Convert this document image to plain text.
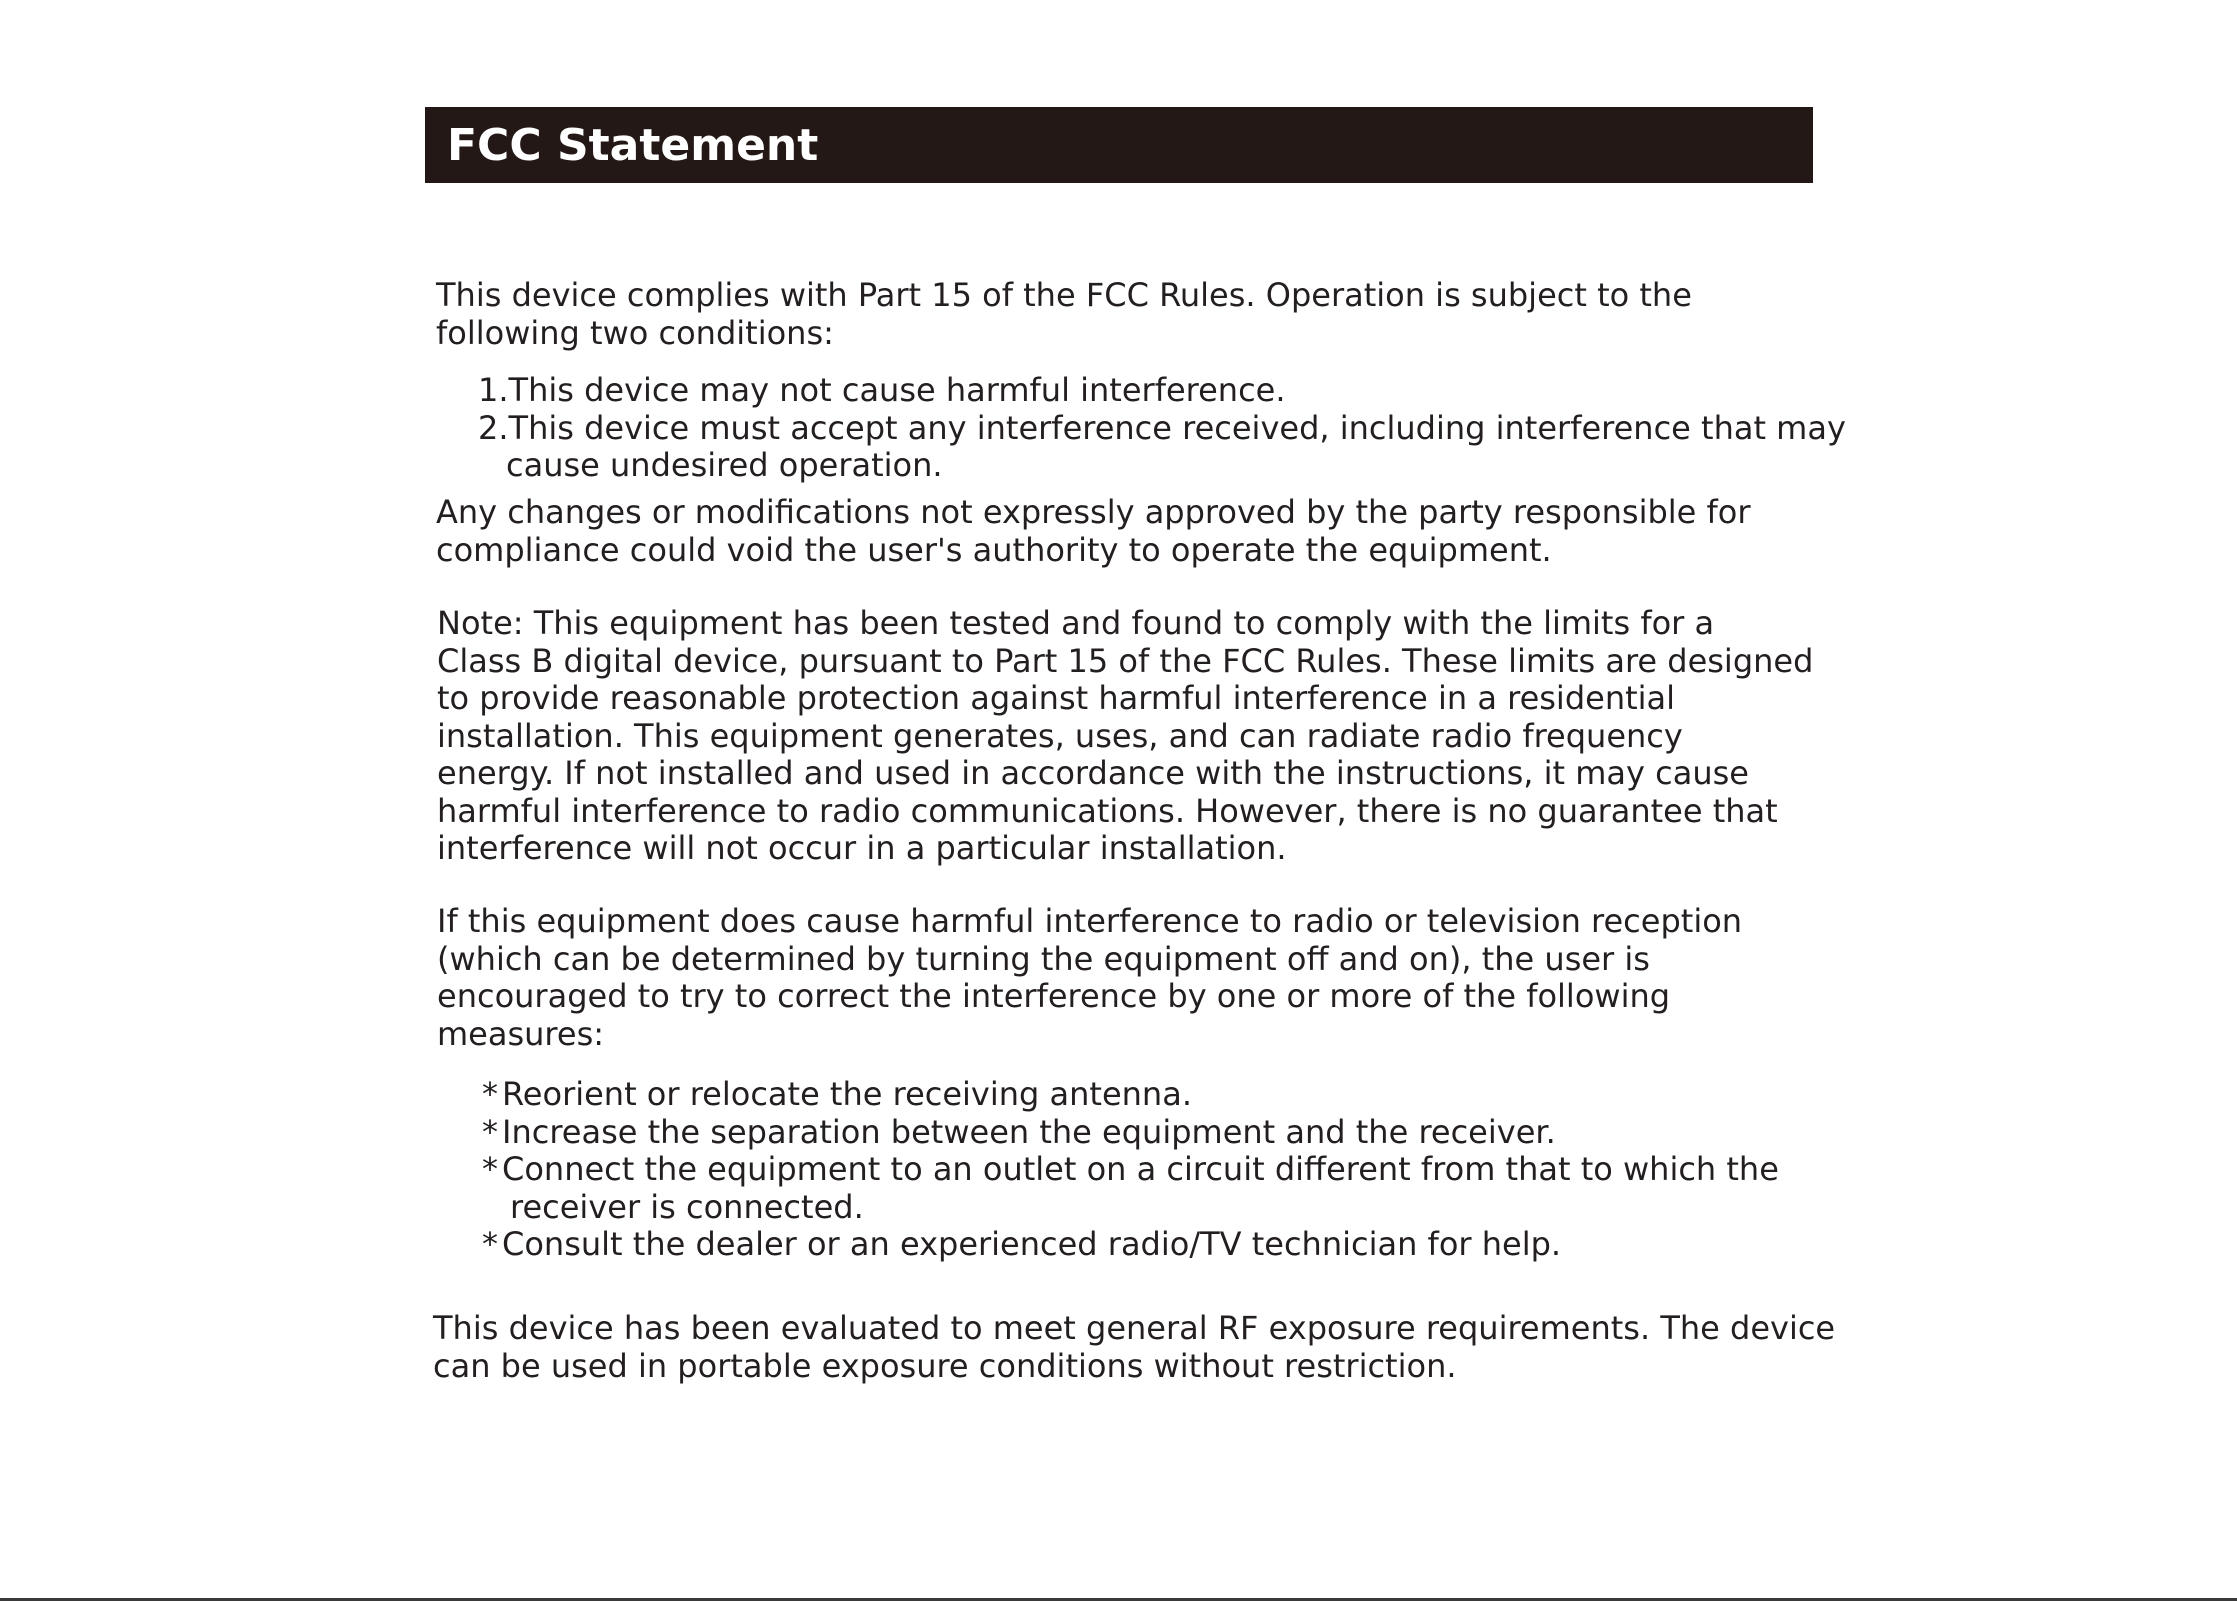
FCC Statement

This device complies with Part 15 of the FCC Rules. Operation is subject to the
following two conditions:

1.This device may not cause harmful interference.
2.This device must accept any interference received, including interference that may
cause undesired operation.

Any changes or modifications not expressly approved by the party responsible for
compliance could void the user's authority to operate the equipment.

Note: This equipment has been tested and found to comply with the limits for a
Class B digital device, pursuant to Part 15 of the FCC Rules. These limits are designed
to provide reasonable protection against harmful interference in a residential
installation. This equipment generates, uses, and can radiate radio frequency
energy. If not installed and used in accordance with the instructions, it may cause
harmful interference to radio communications. However, there is no guarantee that
interference will not occur in a particular installation.

If this equipment does cause harmful interference to radio or television reception
(which can be determined by turning the equipment off and on), the user is
encouraged to try to correct the interference by one or more of the following
measures:

* Reorient or relocate the receiving antenna.
* Increase the separation between the equipment and the receiver.
* Connect the equipment to an outlet on a circuit different from that to which the
receiver is connected.
* Consult the dealer or an experienced radio/TV technician for help.

This device has been evaluated to meet general RF exposure requirements. The device
can be used in portable exposure conditions without restriction.
